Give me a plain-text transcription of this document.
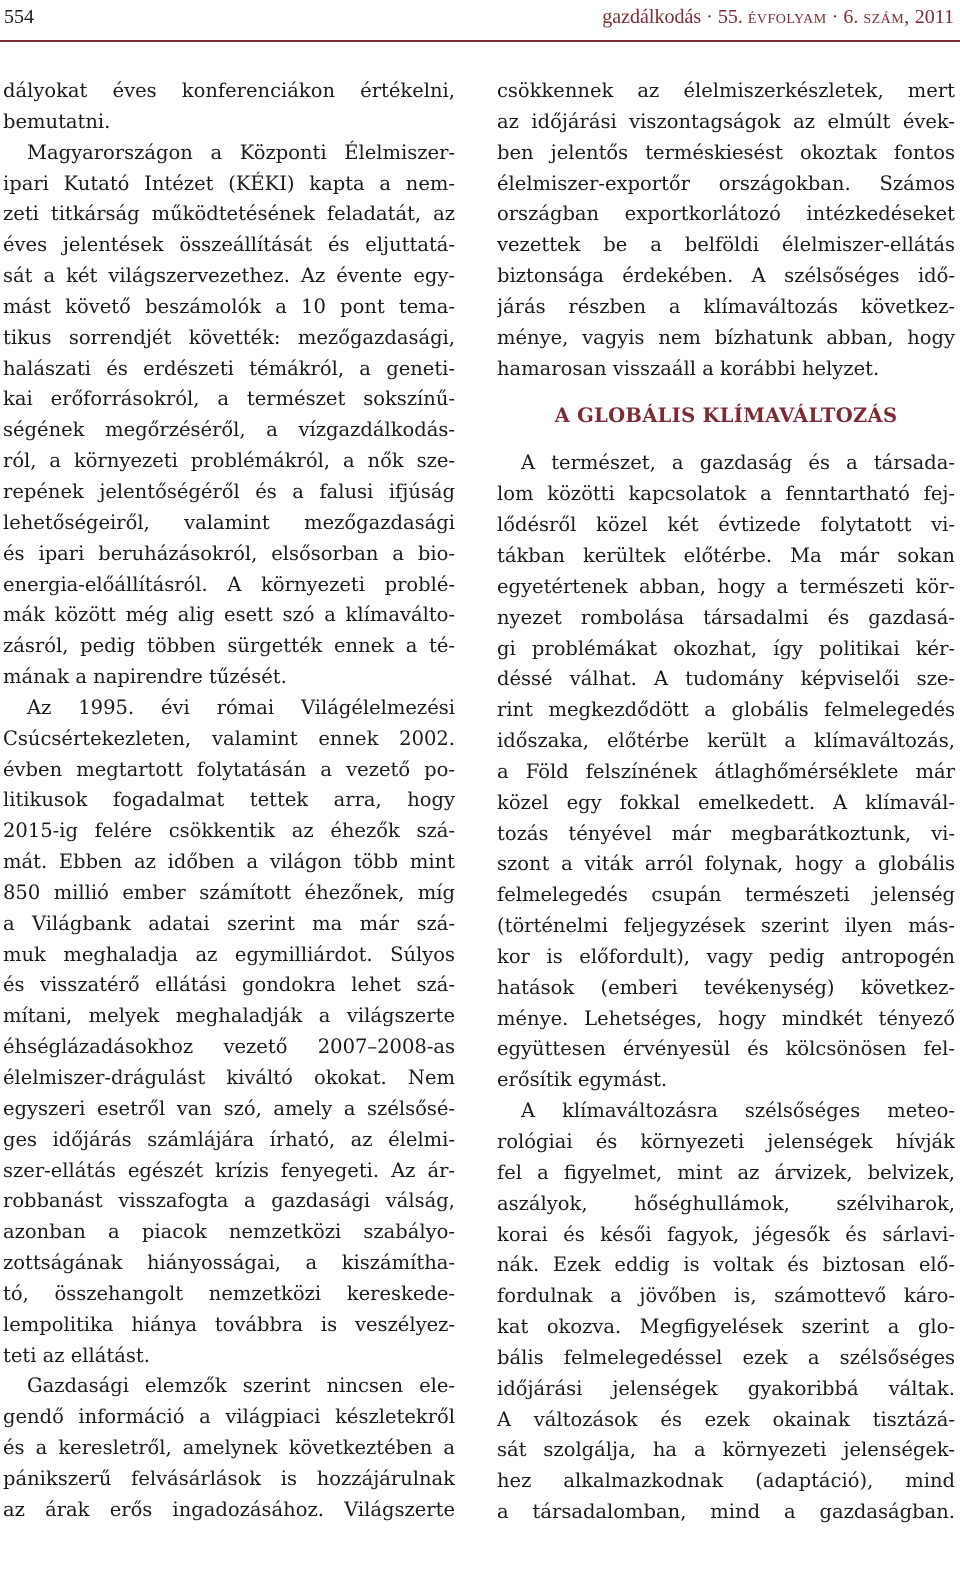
554	gazdálkodás · 55. évfolyam · 6. szám, 2011
dályokat éves konferenciákon értékelni,
bemutatni.
Magyarországon a Központi Élelmiszer-
ipari Kutató Intézet (KÉKI) kapta a nem-
zeti titkárság működtetésének feladatát, az
éves jelentések összeállítását és eljuttatá-
sát a két világszervezethez. Az évente egy-
mást követő beszámolók a 10 pont tema-
tikus sorrendjét követték: mezőgazdasági,
halászati és erdészeti témákról, a geneti-
kai erőforrásokról, a természet sokszínű-
ségének megőrzéséről, a vízgazdálkodás-
ról, a környezeti problémákról, a nők sze-
repének jelentőségéről és a falusi ifjúság
lehetőségeiről, valamint mezőgazdasági
és ipari beruházásokról, elsősorban a bio-
energia-előállításról. A környezeti problé-
mák között még alig esett szó a klímaválto-
zásról, pedig többen sürgették ennek a té-
mának a napirendre tűzését.
Az 1995. évi római Világélelmezési
Csúcsértekezleten, valamint ennek 2002.
évben megtartott folytatásán a vezető po-
litikusok fogadalmat tettek arra, hogy
2015-ig felére csökkentik az éhezők szá-
mát. Ebben az időben a világon több mint
850 millió ember számított éhezőnek, míg
a Világbank adatai szerint ma már szá-
muk meghaladja az egymilliárdot. Súlyos
és visszatérő ellátási gondokra lehet szá-
mítani, melyek meghaladják a világszerte
éhséglázadásokhoz vezető 2007–2008-as
élelmiszer-drágulást kiváltó okokat. Nem
egyszeri esetről van szó, amely a szélsősé-
ges időjárás számlájára írható, az élelmi-
szer-ellátás egészét krízis fenyegeti. Az ár-
robbanást visszafogta a gazdasági válság,
azonban a piacok nemzetközi szabályo-
zottságának hiányosságai, a kiszámítha-
tó, összehangolt nemzetközi kereskede-
lempolitika hiánya továbbra is veszélyez-
teti az ellátást.
Gazdasági elemzők szerint nincsen ele-
gendő információ a világpiaci készletekről
és a keresletről, amelynek következtében a
pánikszerű felvásárlások is hozzájárulnak
az árak erős ingadozásához. Világszerte
csökkennek az élelmiszerkészletek, mert
az időjárási viszontagságok az elmúlt évek-
ben jelentős terméskiesést okoztak fontos
élelmiszer-exportőr országokban. Számos
országban exportkorlátozó intézkedéseket
vezettek be a belföldi élelmiszer-ellátás
biztonsága érdekében. A szélsőséges idő-
járás részben a klímaváltozás következ-
ménye, vagyis nem bízhatunk abban, hogy
hamarosan visszaáll a korábbi helyzet.
A GLOBÁLIS KLÍMAVÁLTOZÁS
A természet, a gazdaság és a társada-
lom közötti kapcsolatok a fenntartható fej-
lődésről közel két évtizede folytatott vi-
tákban kerültek előtérbe. Ma már sokan
egyetértenek abban, hogy a természeti kör-
nyezet rombolása társadalmi és gazdasá-
gi problémákat okozhat, így politikai kér-
déssé válhat. A tudomány képviselői sze-
rint megkezdődött a globális felmelegedés
időszaka, előtérbe került a klímaváltozás,
a Föld felszínének átlaghőmérséklete már
közel egy fokkal emelkedett. A klímavál-
tozás tényével már megbarátkoztunk, vi-
szont a viták arról folynak, hogy a globális
felmelegedés csupán természeti jelenség
(történelmi feljegyzések szerint ilyen más-
kor is előfordult), vagy pedig antropogén
hatások (emberi tevékenység) következ-
ménye. Lehetséges, hogy mindkét tényező
együttesen érvényesül és kölcsönösen fel-
erősítik egymást.
A klímaváltozásra szélsőséges meteo-
rológiai és környezeti jelenségek hívják
fel a figyelmet, mint az árvizek, belvizek,
aszályok, hőséghullámok, szélviharok,
korai és késői fagyok, jégesők és sárlavi-
nák. Ezek eddig is voltak és biztosan elő-
fordulnak a jövőben is, számottevő káro-
kat okozva. Megfigyelések szerint a glo-
bális felmelegedéssel ezek a szélsőséges
időjárási jelenségek gyakoribbá váltak.
A változások és ezek okainak tisztázá-
sát szolgálja, ha a környezeti jelenségek-
hez alkalmazkodnak (adaptáció), mind
a társadalomban, mind a gazdaságban.
